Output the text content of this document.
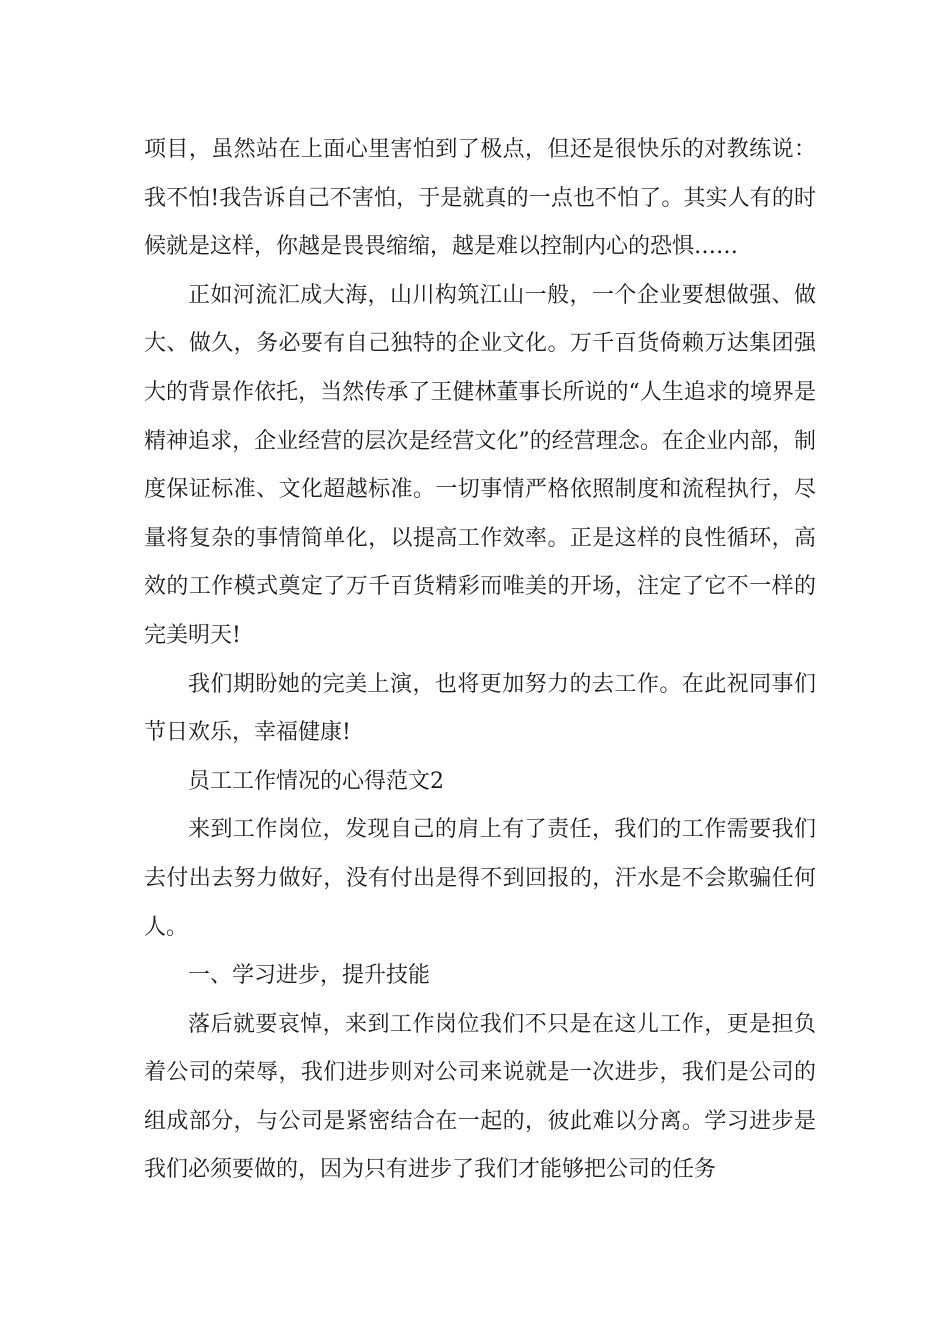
项目，虽然站在上面心里害怕到了极点，但还是很快乐的对教练说：我不怕!我告诉自己不害怕，于是就真的一点也不怕了。其实人有的时候就是这样，你越是畏畏缩缩，越是难以控制内心的恐惧……

正如河流汇成大海，山川构筑江山一般，一个企业要想做强、做大、做久，务必要有自己独特的企业文化。万千百货倚赖万达集团强大的背景作依托，当然传承了王健林董事长所说的“人生追求的境界是精神追求，企业经营的层次是经营文化”的经营理念。在企业内部，制度保证标准、文化超越标准。一切事情严格依照制度和流程执行，尽量将复杂的事情简单化，以提高工作效率。正是这样的良性循环，高效的工作模式奠定了万千百货精彩而唯美的开场，注定了它不一样的完美明天!

我们期盼她的完美上演，也将更加努力的去工作。在此祝同事们节日欢乐，幸福健康!

员工工作情况的心得范文2

来到工作岗位，发现自己的肩上有了责任，我们的工作需要我们去付出去努力做好，没有付出是得不到回报的，汗水是不会欺骗任何人。

一、学习进步，提升技能

落后就要哀悼，来到工作岗位我们不只是在这儿工作，更是担负着公司的荣辱，我们进步则对公司来说就是一次进步，我们是公司的组成部分，与公司是紧密结合在一起的，彼此难以分离。学习进步是我们必须要做的，因为只有进步了我们才能够把公司的任务
